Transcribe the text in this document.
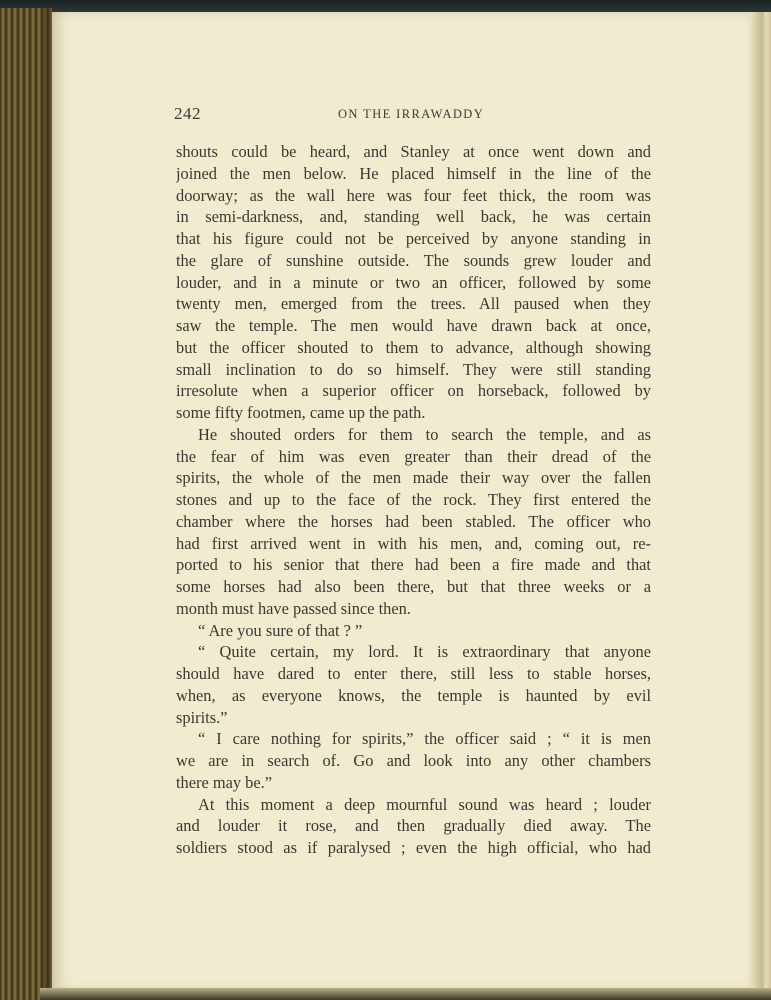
242	ON THE IRRAWADDY
shouts could be heard, and Stanley at once went down and
joined the men below. He placed himself in the line of the
doorway; as the wall here was four feet thick, the room was
in semi-darkness, and, standing well back, he was certain
that his figure could not be perceived by anyone standing in
the glare of sunshine outside. The sounds grew louder and
louder, and in a minute or two an officer, followed by some
twenty men, emerged from the trees. All paused when they
saw the temple. The men would have drawn back at once,
but the officer shouted to them to advance, although showing
small inclination to do so himself. They were still standing
irresolute when a superior officer on horseback, followed by
some fifty footmen, came up the path.
He shouted orders for them to search the temple, and as
the fear of him was even greater than their dread of the
spirits, the whole of the men made their way over the fallen
stones and up to the face of the rock. They first entered the
chamber where the horses had been stabled. The officer who
had first arrived went in with his men, and, coming out, re-
ported to his senior that there had been a fire made and that
some horses had also been there, but that three weeks or a
month must have passed since then.
“ Are you sure of that ? ”
“ Quite certain, my lord. It is extraordinary that anyone
should have dared to enter there, still less to stable horses,
when, as everyone knows, the temple is haunted by evil
spirits.”
“ I care nothing for spirits,” the officer said ; “ it is men
we are in search of. Go and look into any other chambers
there may be.”
At this moment a deep mournful sound was heard ; louder
and louder it rose, and then gradually died away. The
soldiers stood as if paralysed ; even the high official, who had
